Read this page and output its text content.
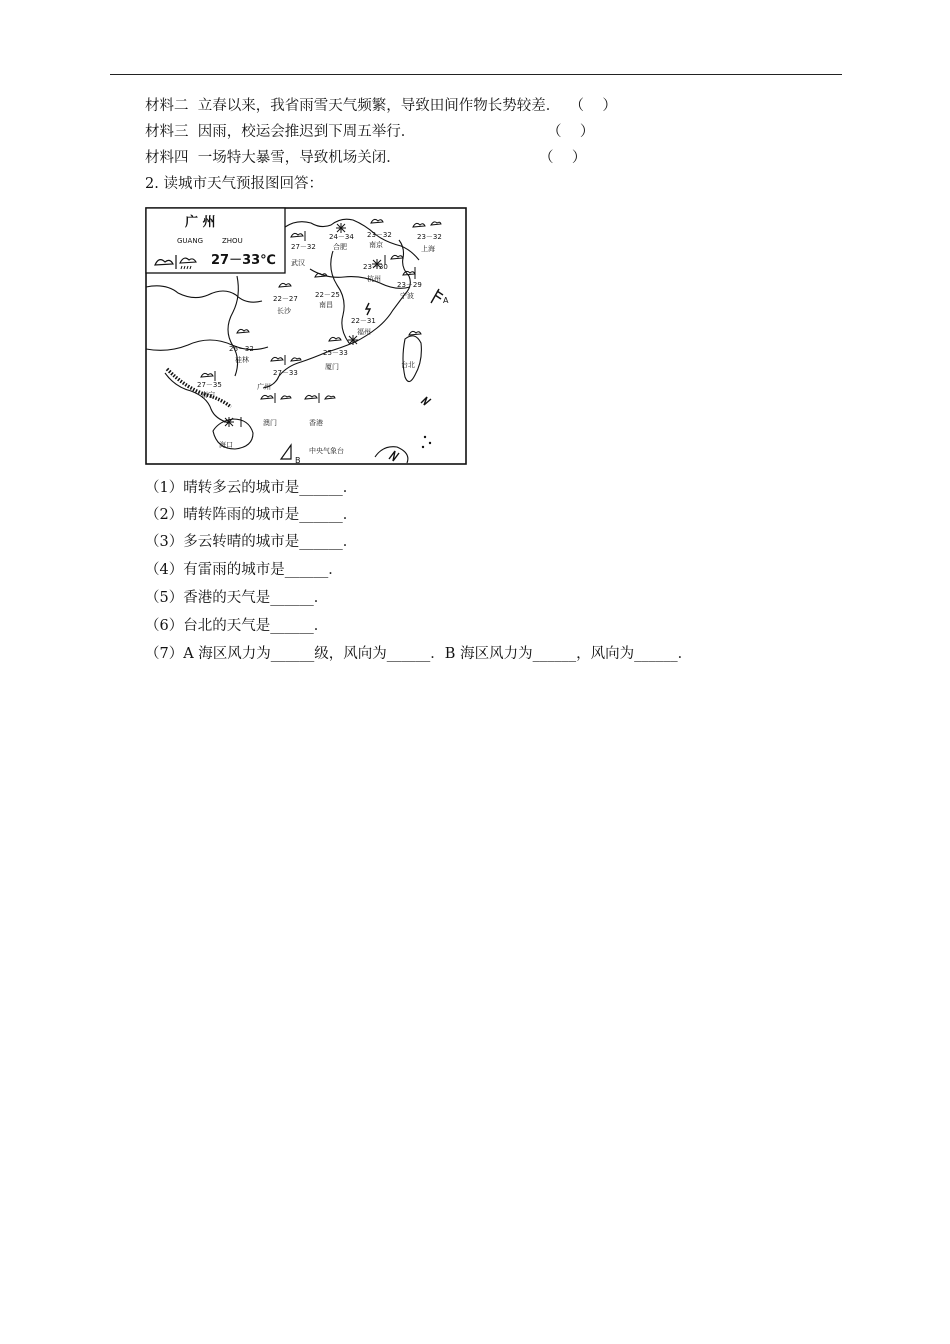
材料二 立春以来，我省雨雪天气频繁，导致田间作物长势较差． （    ）
材料三 因雨，校运会推迟到下周五举行．	（    ）
材料四 一场特大暴雪，导致机场关闭．	（    ）
2. 读城市天气预报图回答：
广 州
GUANG	ZHOU
27－33℃
27－32
武汉
24－34
合肥
23－32
南京
23－32
上海
23－30
杭州
23－29
宁波
22－27
长沙
22－25
南昌
22－31
福州
25－33
厦门
26－32
桂林
广州
27－33
27－35
南宁
澳门	香港
海口
台北
A
B
中央气象台
（1）晴转多云的城市是______．
（2）晴转阵雨的城市是______．
（3）多云转晴的城市是______．
（4）有雷雨的城市是______．
（5）香港的天气是______．
（6）台北的天气是______．
（7）A 海区风力为______级，风向为______．B 海区风力为______，风向为______．
